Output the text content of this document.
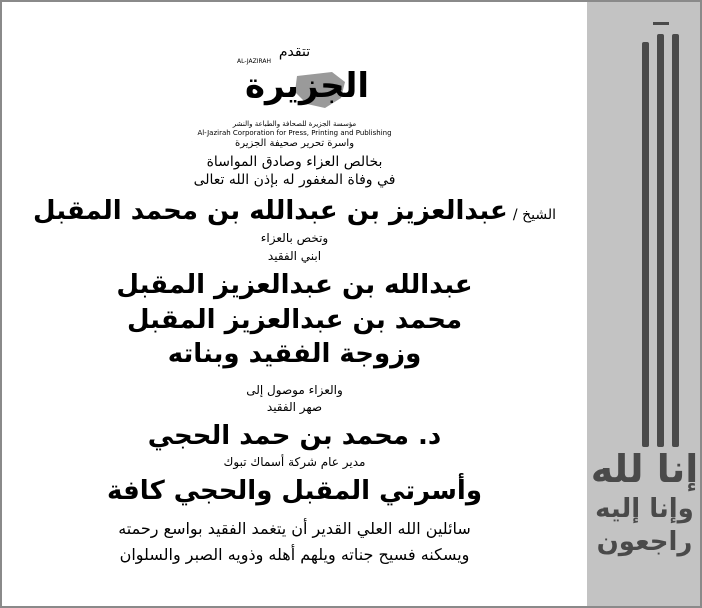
تتقدم
الجزيرة
AL-JAZIRAH
مؤسسة الجزيرة للصحافة والطباعة والنشر
Al-Jazirah Corporation for Press, Printing and Publishing
واسرة تحرير صحيفة الجزيرة
بخالص العزاء وصادق المواساة
في وفاة المغفور له بإذن الله تعالى
الشيخ / عبدالعزيز بن عبدالله بن محمد المقبل
وتخص بالعزاء
ابني الفقيد
عبدالله بن عبدالعزيز المقبل
محمد بن عبدالعزيز المقبل
وزوجة الفقيد وبناته
والعزاء موصول إلى
صهر الفقيد
د. محمد بن حمد الحجي
مدير عام شركة أسماك تبوك
وأسرتي المقبل والحجي كافة
سائلين الله العلي القدير أن يتغمد الفقيد بواسع رحمته
ويسكنه فسيح جناته ويلهم أهله وذويه الصبر والسلوان
إنا لله
وإنا إليه
راجعون
